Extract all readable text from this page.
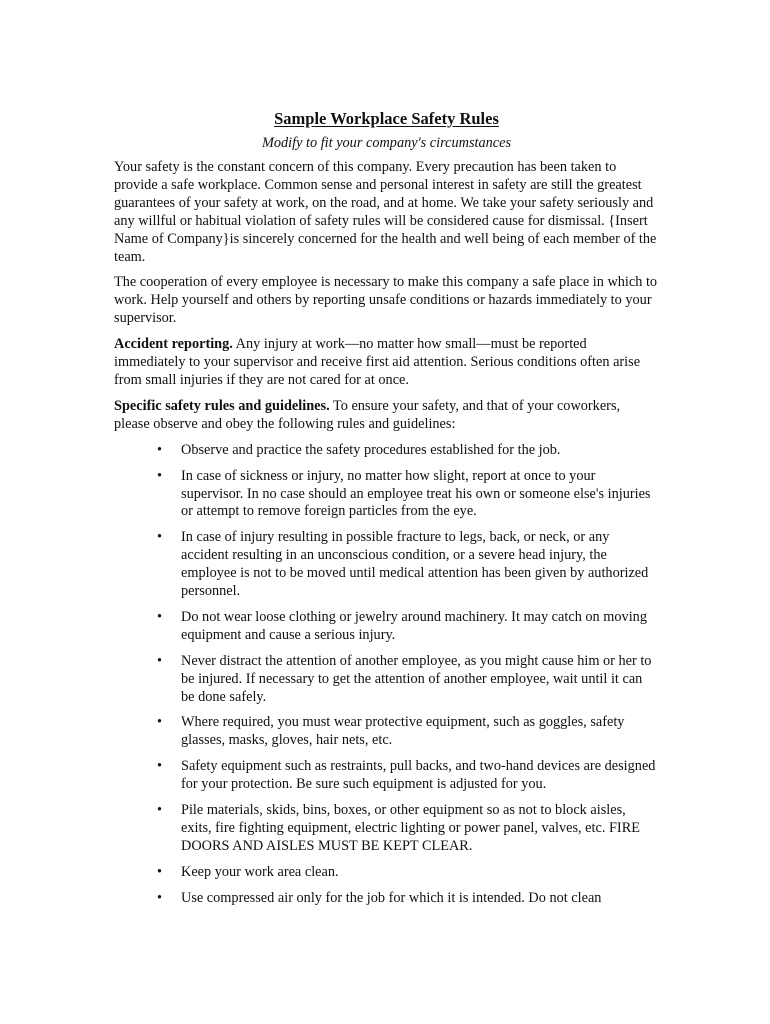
Sample Workplace Safety Rules
Modify to fit your company's circumstances

Your safety is the constant concern of this company. Every precaution has been taken to provide a safe workplace. Common sense and personal interest in safety are still the greatest guarantees of your safety at work, on the road, and at home. We take your safety seriously and any willful or habitual violation of safety rules will be considered cause for dismissal. {Insert Name of Company}is sincerely concerned for the health and well being of each member of the team.

The cooperation of every employee is necessary to make this company a safe place in which to work. Help yourself and others by reporting unsafe conditions or hazards immediately to your supervisor.

Accident reporting. Any injury at work—no matter how small—must be reported immediately to your supervisor and receive first aid attention. Serious conditions often arise from small injuries if they are not cared for at once.

Specific safety rules and guidelines. To ensure your safety, and that of your coworkers, please observe and obey the following rules and guidelines:

• Observe and practice the safety procedures established for the job.
• In case of sickness or injury, no matter how slight, report at once to your supervisor. In no case should an employee treat his own or someone else's injuries or attempt to remove foreign particles from the eye.
• In case of injury resulting in possible fracture to legs, back, or neck, or any accident resulting in an unconscious condition, or a severe head injury, the employee is not to be moved until medical attention has been given by authorized personnel.
• Do not wear loose clothing or jewelry around machinery. It may catch on moving equipment and cause a serious injury.
• Never distract the attention of another employee, as you might cause him or her to be injured. If necessary to get the attention of another employee, wait until it can be done safely.
• Where required, you must wear protective equipment, such as goggles, safety glasses, masks, gloves, hair nets, etc.
• Safety equipment such as restraints, pull backs, and two-hand devices are designed for your protection. Be sure such equipment is adjusted for you.
• Pile materials, skids, bins, boxes, or other equipment so as not to block aisles, exits, fire fighting equipment, electric lighting or power panel, valves, etc. FIRE DOORS AND AISLES MUST BE KEPT CLEAR.
• Keep your work area clean.
• Use compressed air only for the job for which it is intended. Do not clean
